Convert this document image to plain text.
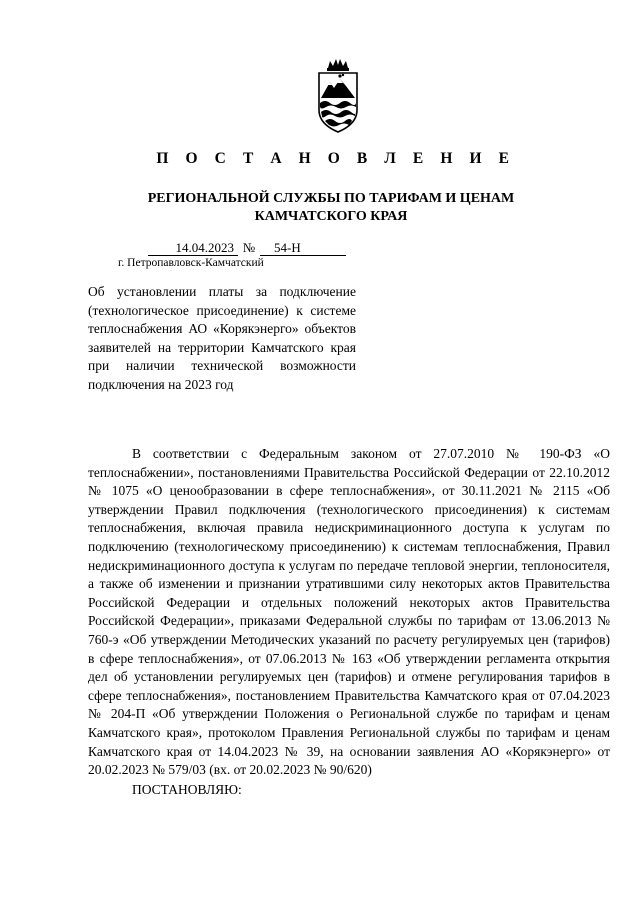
П О С Т А Н О В Л Е Н И Е
РЕГИОНАЛЬНОЙ СЛУЖБЫ ПО ТАРИФАМ И ЦЕНАМ
КАМЧАТСКОГО КРАЯ
14.04.2023 № 54-Н
г. Петропавловск-Камчатский
Об установлении платы за подключение (технологическое присоединение) к системе теплоснабжения АО «Корякэнерго» объектов заявителей на территории Камчатского края при наличии технической возможности подключения на 2023 год

В соответствии с Федеральным законом от 27.07.2010 № 190-ФЗ «О теплоснабжении», постановлениями Правительства Российской Федерации от 22.10.2012 № 1075 «О ценообразовании в сфере теплоснабжения», от 30.11.2021 № 2115 «Об утверждении Правил подключения (технологического присоединения) к системам теплоснабжения, включая правила недискриминационного доступа к услугам по подключению (технологическому присоединению) к системам теплоснабжения, Правил недискриминационного доступа к услугам по передаче тепловой энергии, теплоносителя, а также об изменении и признании утратившими силу некоторых актов Правительства Российской Федерации и отдельных положений некоторых актов Правительства Российской Федерации», приказами Федеральной службы по тарифам от 13.06.2013 № 760-э «Об утверждении Методических указаний по расчету регулируемых цен (тарифов) в сфере теплоснабжения», от 07.06.2013 № 163 «Об утверждении регламента открытия дел об установлении регулируемых цен (тарифов) и отмене регулирования тарифов в сфере теплоснабжения», постановлением Правительства Камчатского края от 07.04.2023 № 204-П «Об утверждении Положения о Региональной службе по тарифам и ценам Камчатского края», протоколом Правления Региональной службы по тарифам и ценам Камчатского края от 14.04.2023 № 39, на основании заявления АО «Корякэнерго» от 20.02.2023 № 579/03 (вх. от 20.02.2023 № 90/620)

ПОСТАНОВЛЯЮ:
